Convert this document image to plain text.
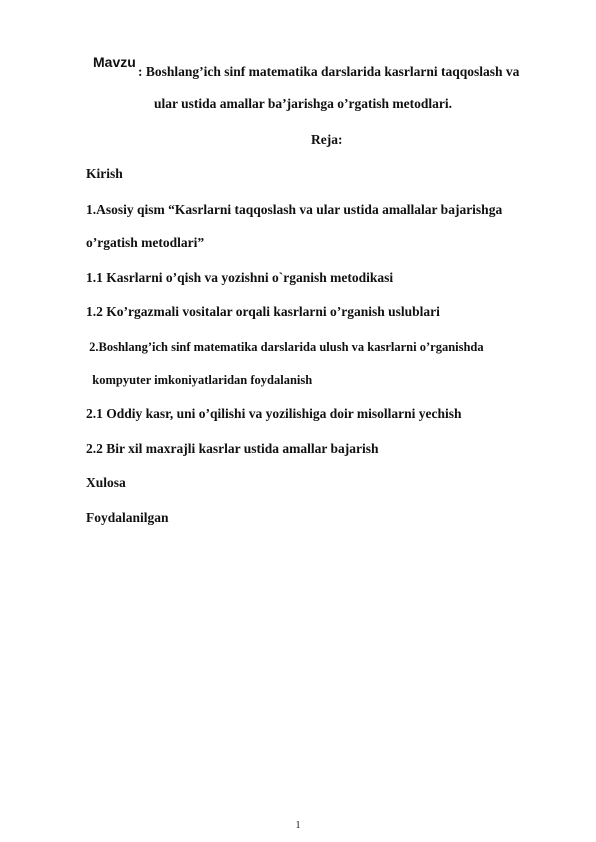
Mavzu
: Boshlang’ich sinf matematika darslarida kasrlarni taqqoslash va
ular ustida amallar ba’jarishga o’rgatish metodlari.
Reja:
Kirish
1.Asosiy qism “Kasrlarni taqqoslash va ular ustida amallalar bajarishga
o’rgatish metodlari”
1.1 Kasrlarni o’qish va yozishni o`rganish metodikasi
1.2 Ko’rgazmali vositalar orqali kasrlarni o’rganish uslublari
2.Boshlang’ich sinf matematika darslarida ulush va kasrlarni o’rganishda
kompyuter imkoniyatlaridan foydalanish
2.1 Oddiy kasr, uni o’qilishi va yozilishiga doir misollarni yechish
2.2 Bir xil maxrajli kasrlar ustida amallar bajarish
Xulosa
Foydalanilgan
1
